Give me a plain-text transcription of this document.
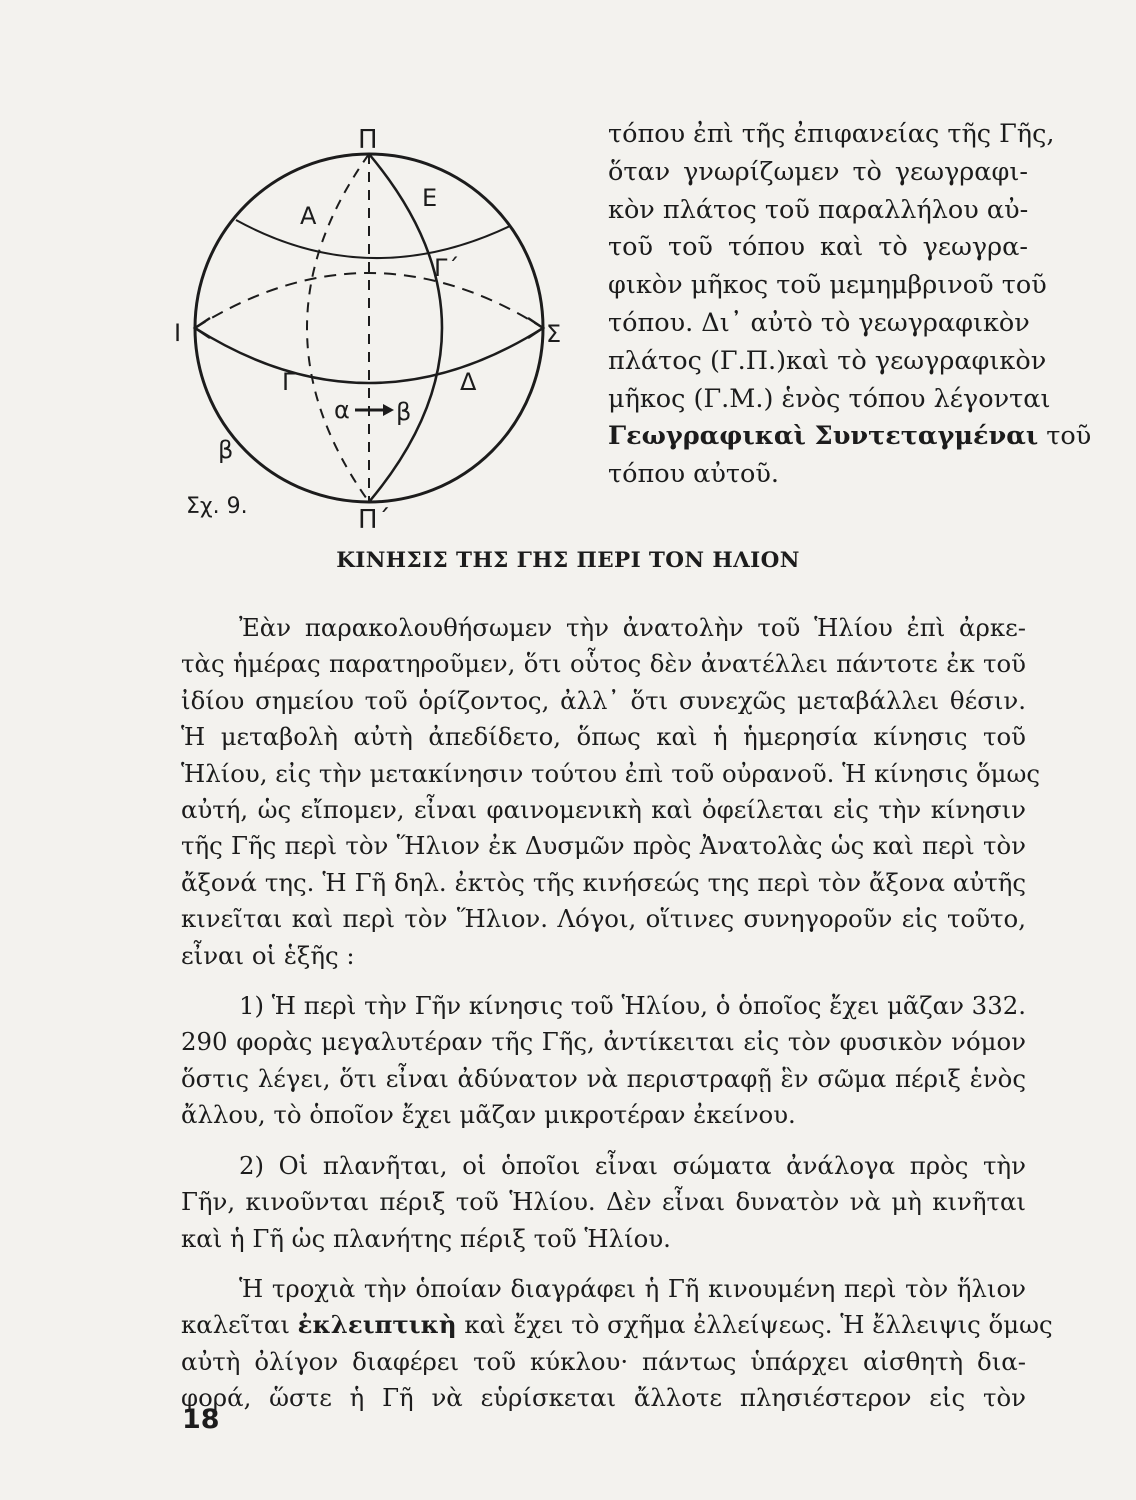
Π
Π΄
Ι	Σ
Α
Ε
Γ΄
Γ	Δ
α β
β
Σχ. 9.
τόπου ἐπὶ τῆς ἐπιφανείας τῆς Γῆς,
ὅταν γνωρίζωμεν τὸ γεωγραφι-
κὸν πλάτος τοῦ παραλλήλου αὐ-
τοῦ τοῦ τόπου καὶ τὸ γεωγρα-
φικὸν μῆκος τοῦ μεμημβρινοῦ τοῦ
τόπου. Δι᾽ αὐτὸ τὸ γεωγραφικὸν
πλάτος (Γ.Π.)καὶ τὸ γεωγραφικὸν
μῆκος (Γ.Μ.) ἑνὸς τόπου λέγονται
Γεωγραφικαὶ Συντεταγμέναι τοῦ
τόπου αὐτοῦ.
ΚΙΝΗΣΙΣ ΤΗΣ ΓΗΣ ΠΕΡΙ ΤΟΝ ΗΛΙΟΝ

Ἐὰν παρακολουθήσωμεν τὴν ἀνατολὴν τοῦ Ἡλίου ἐπὶ ἀρκε-
τὰς ἡμέρας παρατηροῦμεν, ὅτι οὗτος δὲν ἀνατέλλει πάντοτε ἐκ τοῦ
ἰδίου σημείου τοῦ ὁρίζοντος, ἀλλ᾽ ὅτι συνεχῶς μεταβάλλει θέσιν.
Ἡ μεταβολὴ αὐτὴ ἀπεδίδετο, ὅπως καὶ ἡ ἡμερησία κίνησις τοῦ
Ἡλίου, εἰς τὴν μετακίνησιν τούτου ἐπὶ τοῦ οὐρανοῦ. Ἡ κίνησις ὅμως
αὐτή, ὡς εἴπομεν, εἶναι φαινομενικὴ καὶ ὀφείλεται εἰς τὴν κίνησιν
τῆς Γῆς περὶ τὸν Ἥλιον ἐκ Δυσμῶν πρὸς Ἀνατολὰς ὡς καὶ περὶ τὸν
ἄξονά της. Ἡ Γῆ δηλ. ἐκτὸς τῆς κινήσεώς της περὶ τὸν ἄξονα αὐτῆς
κινεῖται καὶ περὶ τὸν Ἥλιον. Λόγοι, οἵτινες συνηγοροῦν εἰς τοῦτο,
εἶναι οἱ ἑξῆς :

1) Ἡ περὶ τὴν Γῆν κίνησις τοῦ Ἡλίου, ὁ ὁποῖος ἔχει μᾶζαν 332.
290 φορὰς μεγαλυτέραν τῆς Γῆς, ἀντίκειται εἰς τὸν φυσικὸν νόμον
ὅστις λέγει, ὅτι εἶναι ἀδύνατον νὰ περιστραφῇ ἓν σῶμα πέριξ ἑνὸς
ἄλλου, τὸ ὁποῖον ἔχει μᾶζαν μικροτέραν ἐκείνου.

2) Οἱ πλανῆται, οἱ ὁποῖοι εἶναι σώματα ἀνάλογα πρὸς τὴν
Γῆν, κινοῦνται πέριξ τοῦ Ἡλίου. Δὲν εἶναι δυνατὸν νὰ μὴ κινῆται
καὶ ἡ Γῆ ὡς πλανήτης πέριξ τοῦ Ἡλίου.

Ἡ τροχιὰ τὴν ὁποίαν διαγράφει ἡ Γῆ κινουμένη περὶ τὸν ἥλιον
καλεῖται ἐκλειπτικὴ καὶ ἔχει τὸ σχῆμα ἐλλείψεως. Ἡ ἔλλειψις ὅμως
αὐτὴ ὀλίγον διαφέρει τοῦ κύκλου· πάντως ὑπάρχει αἰσθητὴ δια-
φορά, ὥστε ἡ Γῆ νὰ εὑρίσκεται ἄλλοτε πλησιέστερον εἰς τὸν

18
